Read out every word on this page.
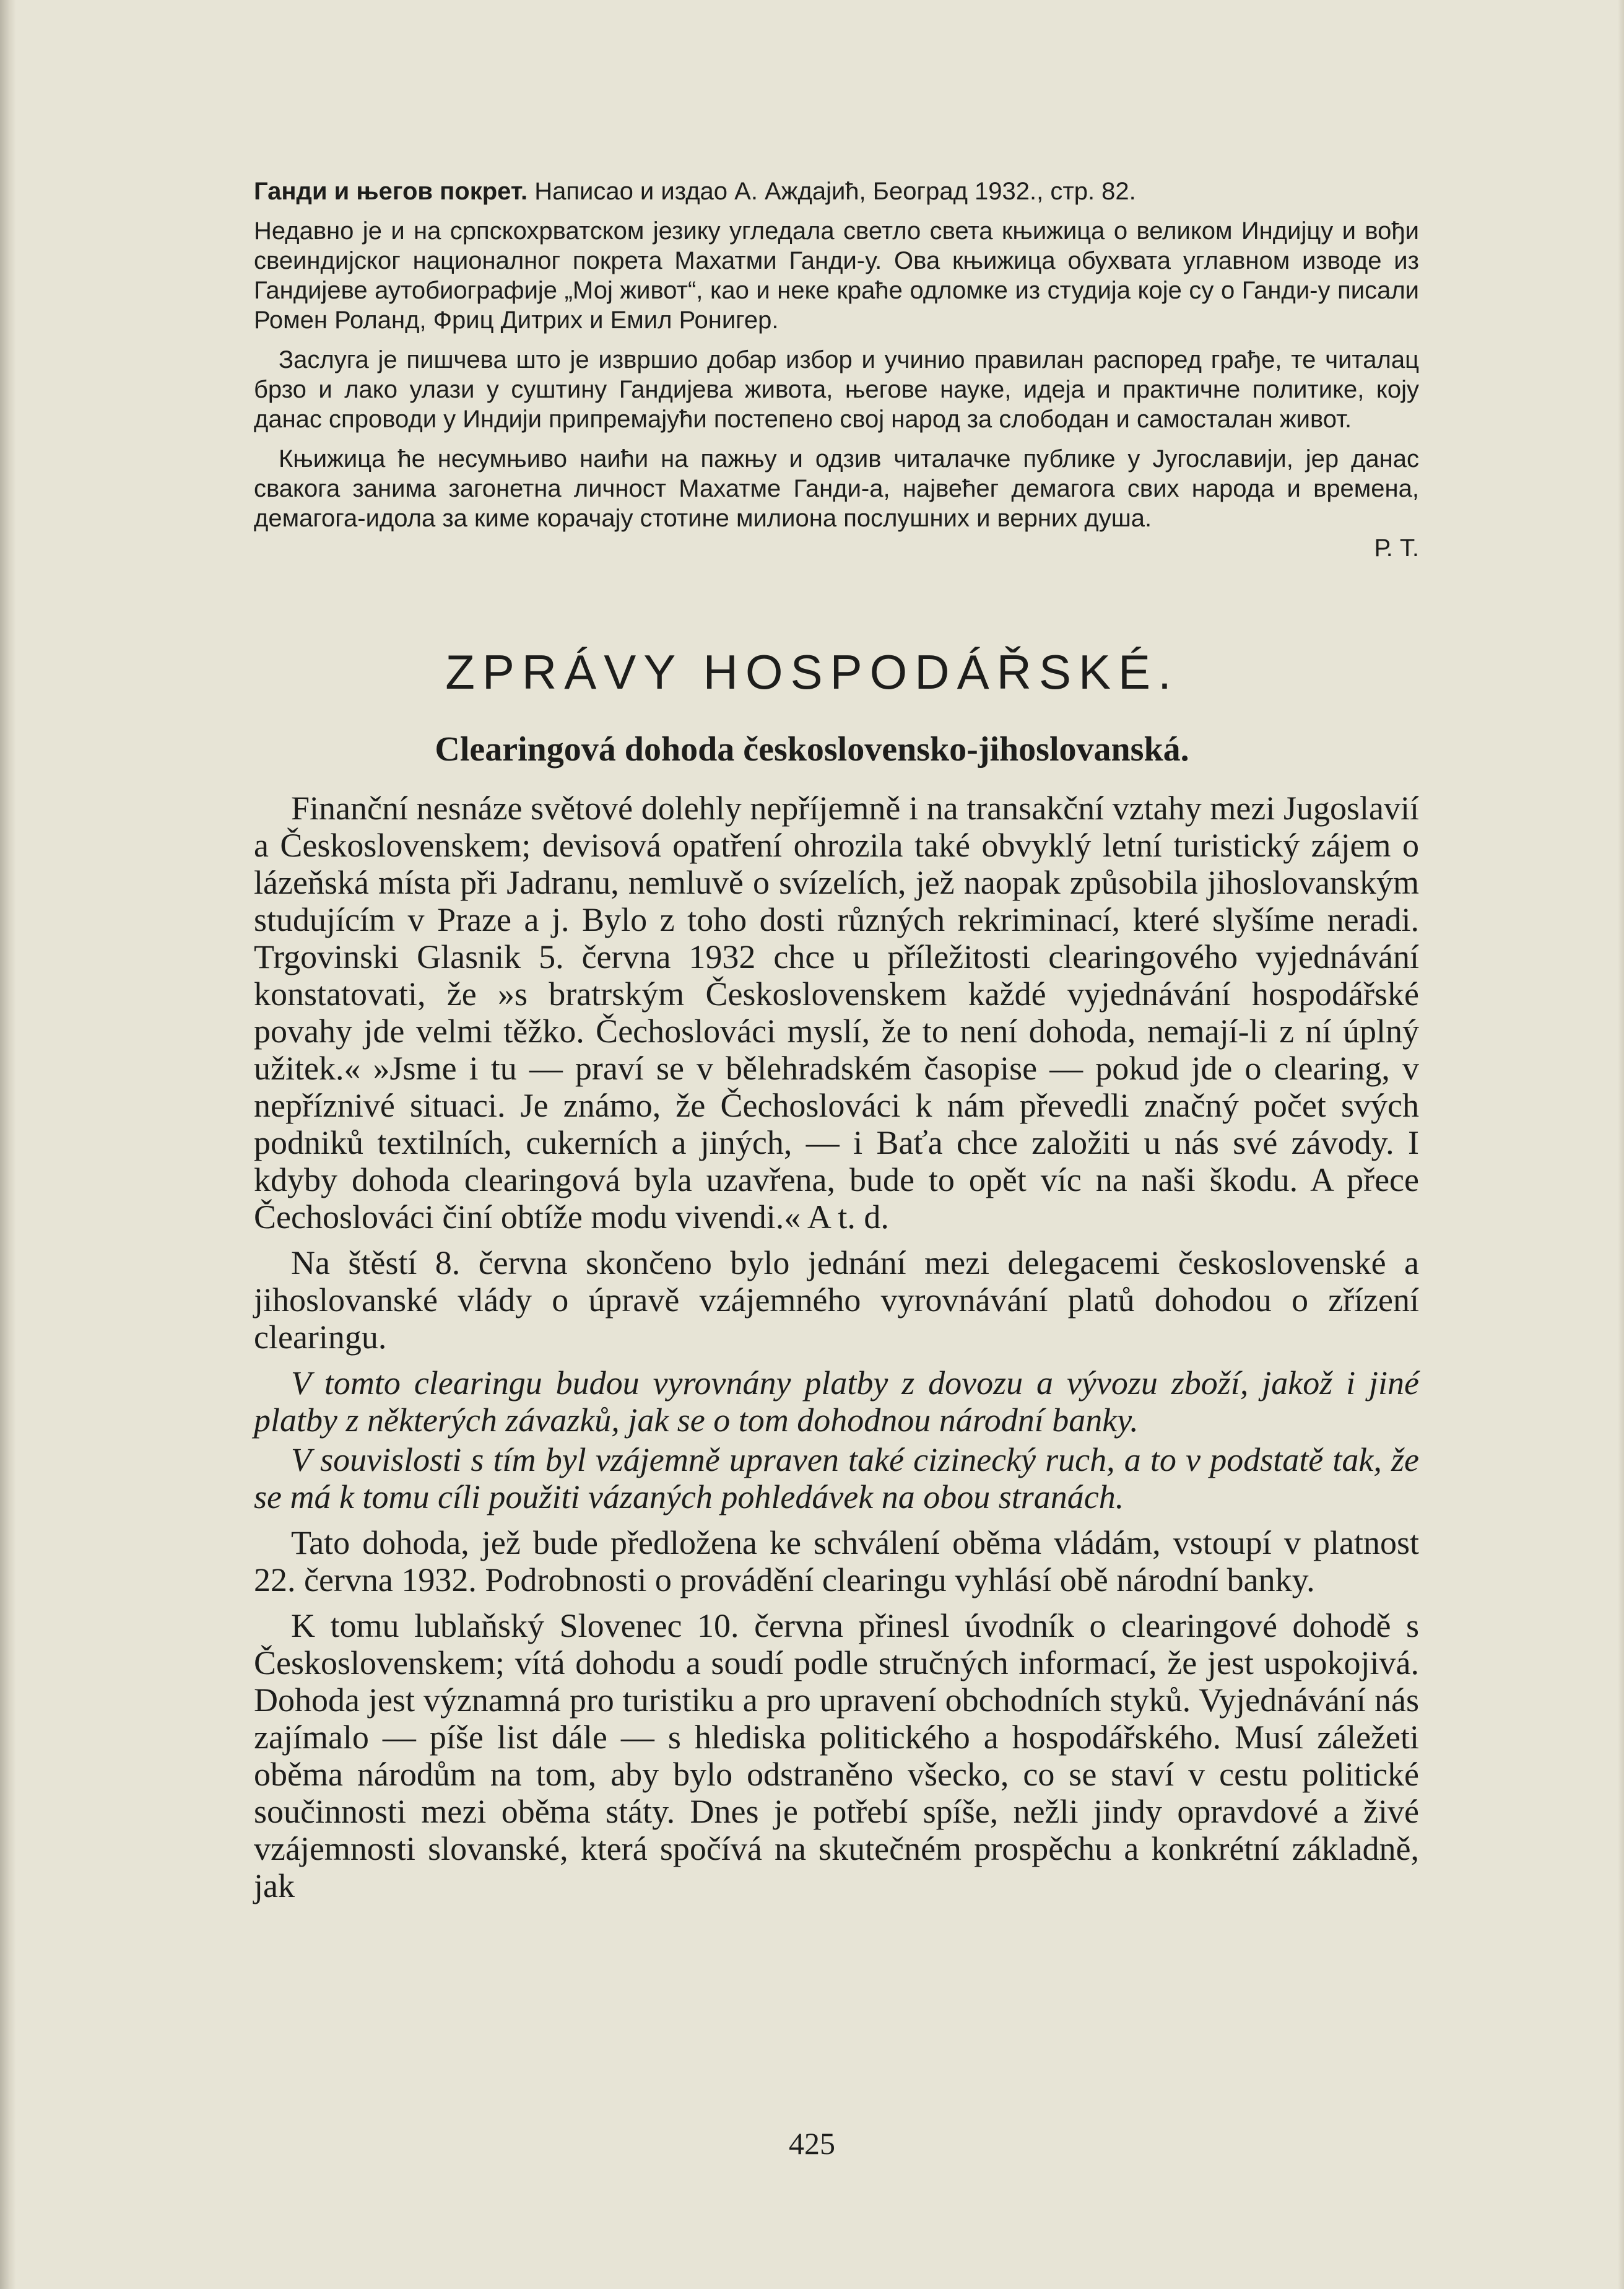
Ганди и његов покрет. Написао и издао А. Аждајић, Београд 1932., стр. 82.

Недавно је и на српскохрватском језику угледала светло света књижица о великом Индијцу и вођи свеиндијског националног покрета Махатми Ганди-у. Ова књижица обухвата углавном изводе из Гандијеве аутобиографије „Мој живот“, као и неке краће одломке из студија које су о Ганди-у писали Ромен Роланд, Фриц Дитрих и Емил Ронигер.

Заслуга је пишчева што је извршио добар избор и учинио правилан распоред грађе, те читалац брзо и лако улази у суштину Гандијева живота, његове науке, идеја и практичне политике, коју данас спроводи у Индији припремајући постепено свој народ за слободан и самосталан живот.

Књижица ће несумњиво наићи на пажњу и одзив читалачке публике у Југославији, јер данас свакога занима загонетна личност Махатме Ганди-а, највећег демагога свих народа и времена, демагога-идола за киме корачају стотине милиона послушних и верних душа.

Р. Т.
ZPRÁVY HOSPODÁŘSKÉ.
Clearingová dohoda československo-jihoslovanská.

Finanční nesnáze světové dolehly nepříjemně i na transakční vztahy mezi Jugoslavií a Československem; devisová opatření ohrozila také obvyklý letní turistický zájem o lázeňská místa při Jadranu, nemluvě o svízelích, jež naopak způsobila jihoslovanským studujícím v Praze a j. Bylo z toho dosti různých rekriminací, které slyšíme neradi. Trgovinski Glasnik 5. června 1932 chce u příležitosti clearingového vyjednávání konstatovati, že »s bratrským Československem každé vyjednávání hospodářské povahy jde velmi těžko. Čechoslováci myslí, že to není dohoda, nemají-li z ní úplný užitek.« »Jsme i tu — praví se v bělehradském časopise — pokud jde o clearing, v nepříznivé situaci. Je známo, že Čechoslováci k nám převedli značný počet svých podniků textilních, cukerních a jiných, — i Baťa chce založiti u nás své závody. I kdyby dohoda clearingová byla uzavřena, bude to opět víc na naši škodu. A přece Čechoslováci činí obtíže modu vivendi.« A t. d.

Na štěstí 8. června skončeno bylo jednání mezi delegacemi československé a jihoslovanské vlády o úpravě vzájemného vyrovnávání platů dohodou o zřízení clearingu.

V tomto clearingu budou vyrovnány platby z dovozu a vývozu zboží, jakož i jiné platby z některých závazků, jak se o tom dohodnou národní banky.

V souvislosti s tím byl vzájemně upraven také cizinecký ruch, a to v podstatě tak, že se má k tomu cíli použiti vázaných pohledávek na obou stranách.

Tato dohoda, jež bude předložena ke schválení oběma vládám, vstoupí v platnost 22. června 1932. Podrobnosti o provádění clearingu vyhlásí obě národní banky.

K tomu lublaňský Slovenec 10. června přinesl úvodník o clearingové dohodě s Československem; vítá dohodu a soudí podle stručných informací, že jest uspokojivá. Dohoda jest významná pro turistiku a pro upravení obchodních styků. Vyjednávání nás zajímalo — píše list dále — s hlediska politického a hospodářského. Musí záležeti oběma národům na tom, aby bylo odstraněno všecko, co se staví v cestu politické součinnosti mezi oběma státy. Dnes je potřebí spíše, nežli jindy opravdové a živé vzájemnosti slovanské, která spočívá na skutečném prospěchu a konkrétní základně, jak

425
